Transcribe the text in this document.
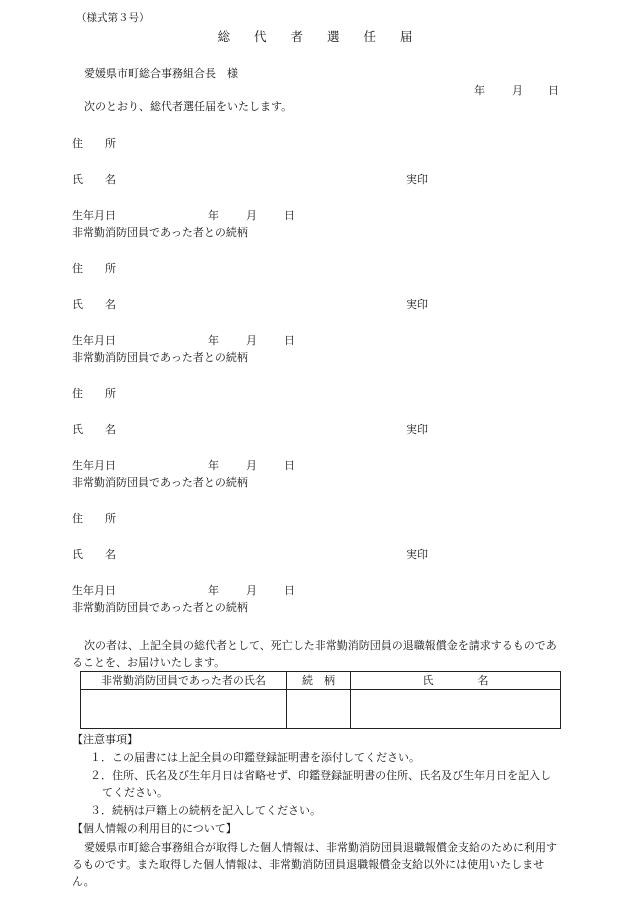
（様式第３号）
総 代 者 選 任 届
愛媛県市町総合事務組合長　様
年 月 日
次のとおり、総代者選任届をいたします。
住　　所
氏　　名	実印
生年月日	年 月 日
非常勤消防団員であった者との続柄
住　　所
氏　　名	実印
生年月日	年 月 日
非常勤消防団員であった者との続柄
住　　所
氏　　名	実印
生年月日	年 月 日
非常勤消防団員であった者との続柄
住　　所
氏　　名	実印
生年月日	年 月 日
非常勤消防団員であった者との続柄
次の者は、上記全員の総代者として、死亡した非常勤消防団員の退職報償金を請求するものであることを、お届けいたします。
非常勤消防団員であった者の氏名	続　柄	氏　　　　名

【注意事項】
１．この届書には上記全員の印鑑登録証明書を添付してください。
２．住所、氏名及び生年月日は省略せず、印鑑登録証明書の住所、氏名及び生年月日を記入し
てください。
３．続柄は戸籍上の続柄を記入してください。
【個人情報の利用目的について】
愛媛県市町総合事務組合が取得した個人情報は、非常勤消防団員退職報償金支給のために利用するものです。また取得した個人情報は、非常勤消防団員退職報償金支給以外には使用いたしません。
